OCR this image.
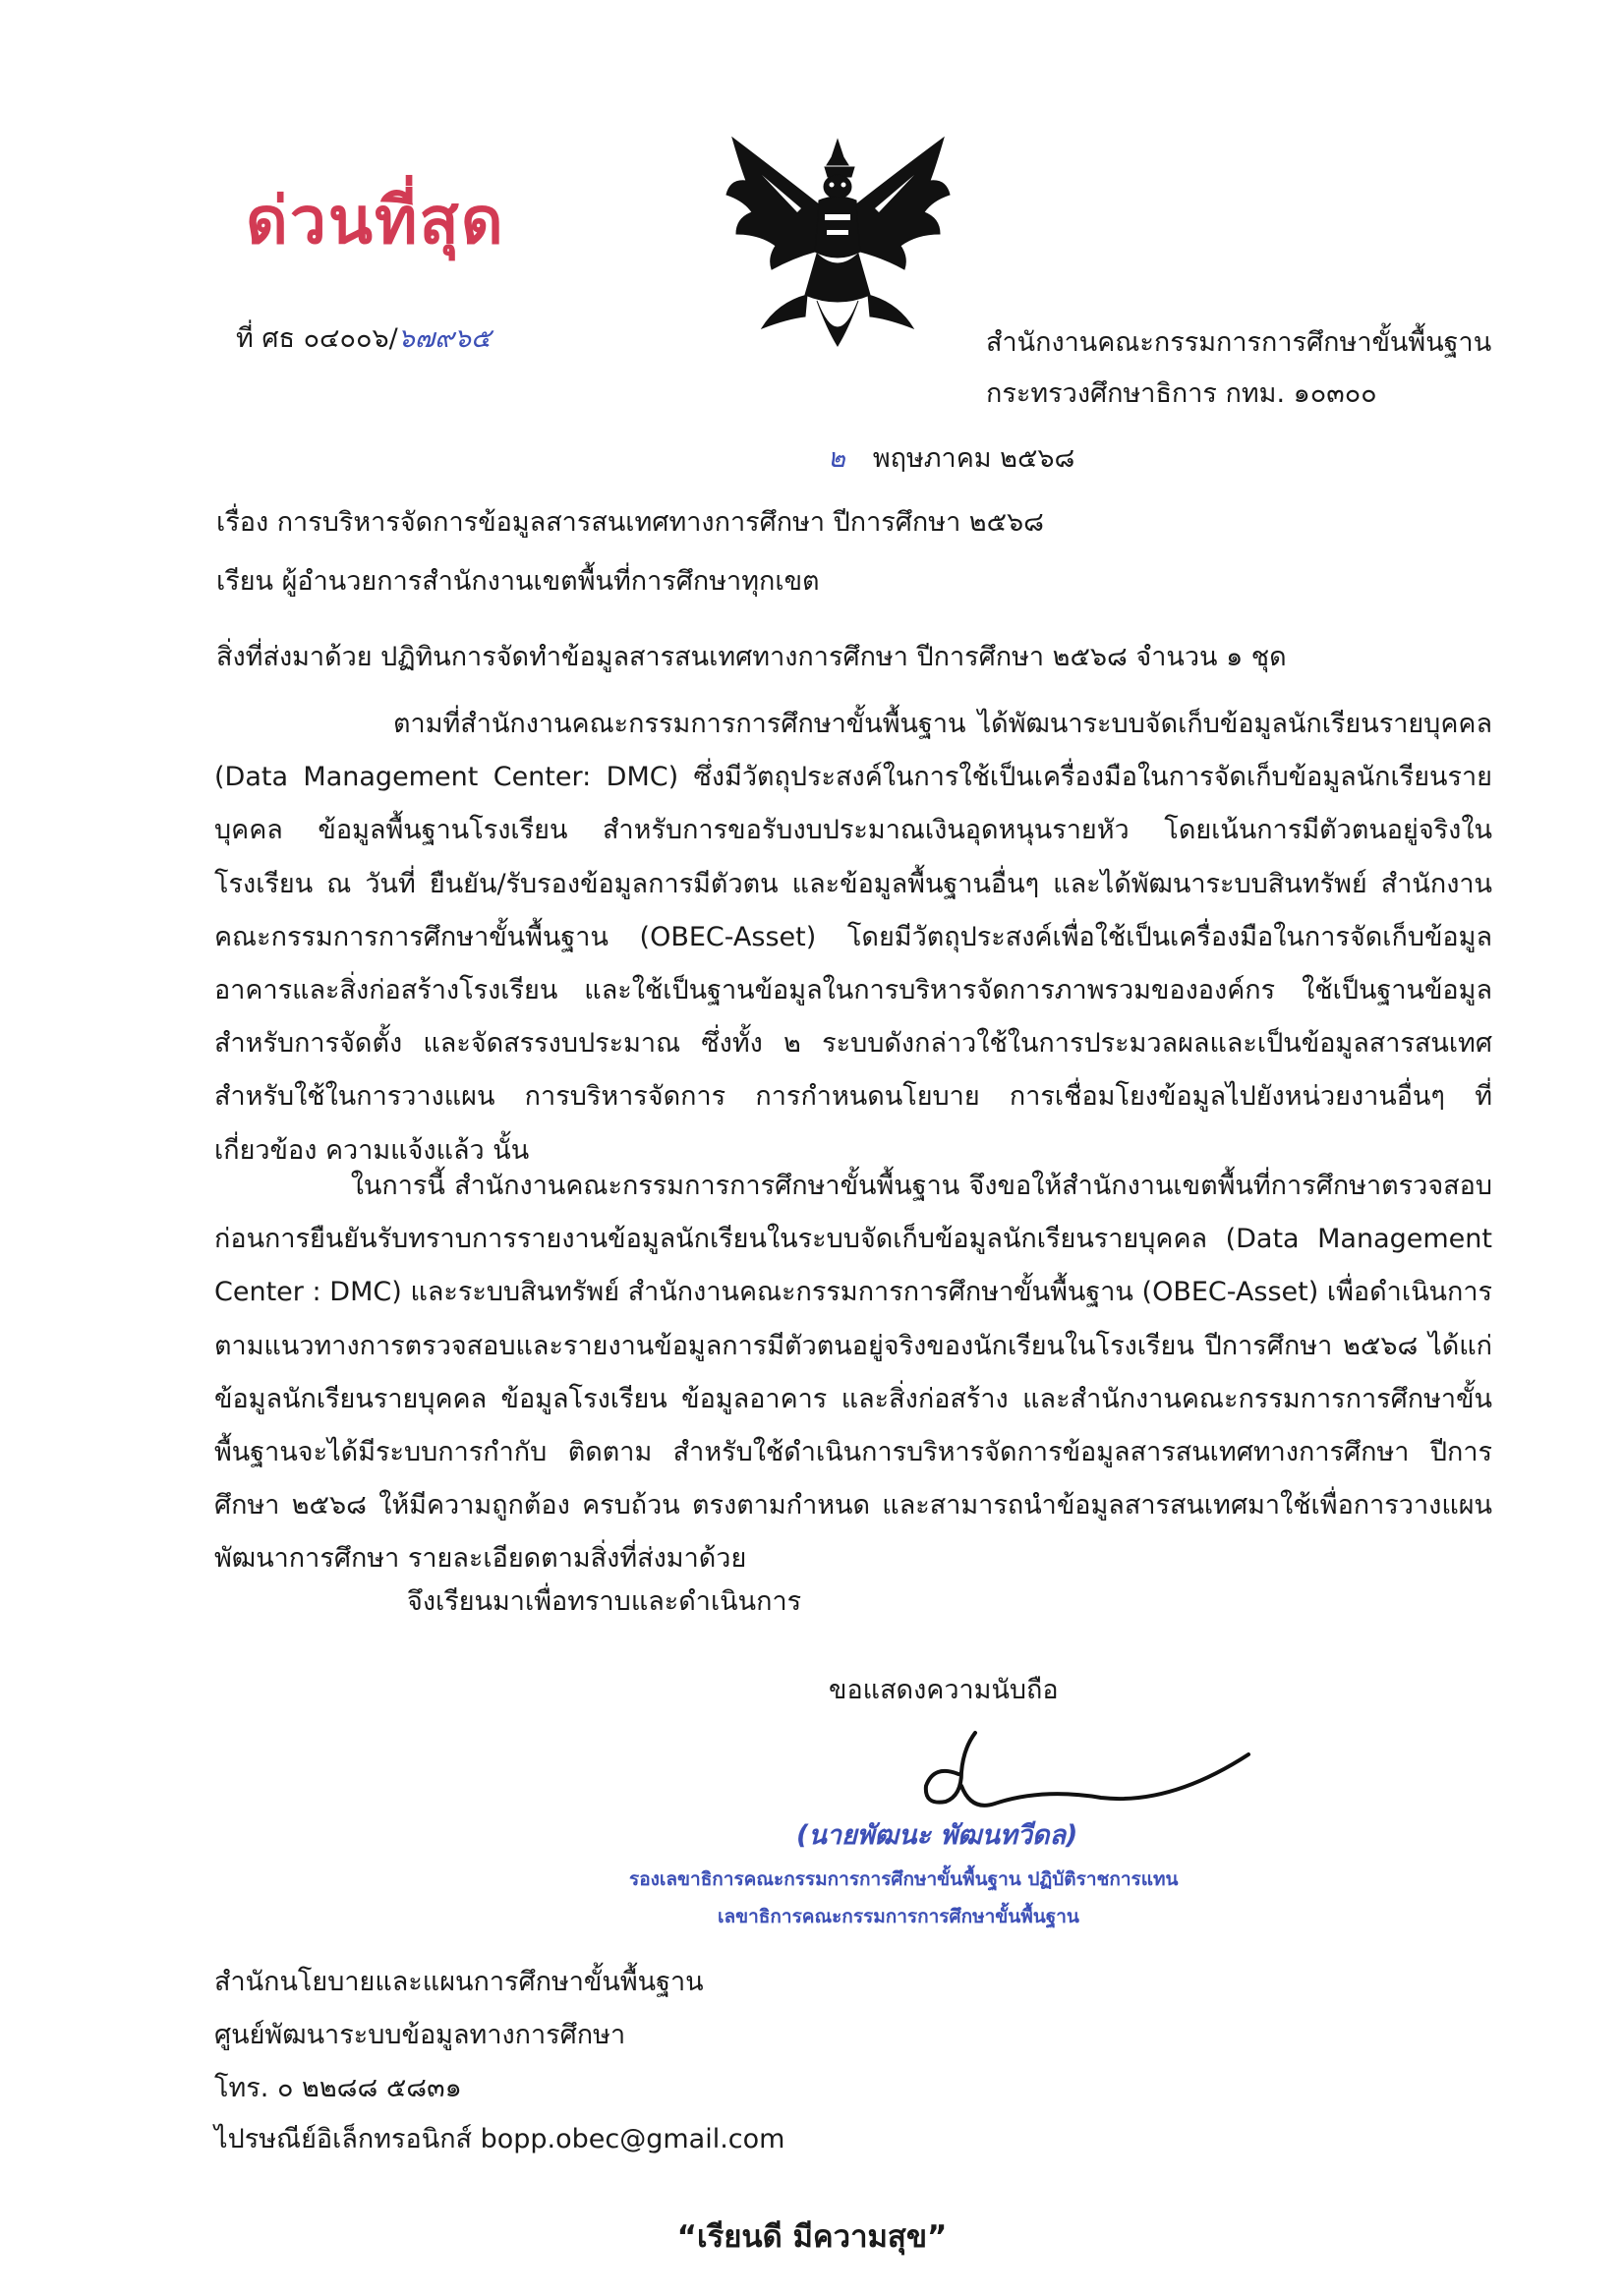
ด่วนที่สุด
ที่ ศธ ๐๔๐๐๖/๖๗๙๖๕	สำนักงานคณะกรรมการการศึกษาขั้นพื้นฐาน
กระทรวงศึกษาธิการ กทม. ๑๐๓๐๐
๒ พฤษภาคม ๒๕๖๘
เรื่อง การบริหารจัดการข้อมูลสารสนเทศทางการศึกษา ปีการศึกษา ๒๕๖๘
เรียน ผู้อำนวยการสำนักงานเขตพื้นที่การศึกษาทุกเขต
สิ่งที่ส่งมาด้วย ปฏิทินการจัดทำข้อมูลสารสนเทศทางการศึกษา ปีการศึกษา ๒๕๖๘ จำนวน ๑ ชุด

ตามที่สำนักงานคณะกรรมการการศึกษาขั้นพื้นฐาน ได้พัฒนาระบบจัดเก็บข้อมูลนักเรียนรายบุคคล (Data Management Center: DMC) ซึ่งมีวัตถุประสงค์ในการใช้เป็นเครื่องมือในการจัดเก็บข้อมูลนักเรียนรายบุคคล ข้อมูลพื้นฐานโรงเรียน สำหรับการขอรับงบประมาณเงินอุดหนุนรายหัว โดยเน้นการมีตัวตนอยู่จริงในโรงเรียน ณ วันที่ ยืนยัน/รับรองข้อมูลการมีตัวตน และข้อมูลพื้นฐานอื่นๆ และได้พัฒนาระบบสินทรัพย์ สำนักงานคณะกรรมการการศึกษาขั้นพื้นฐาน (OBEC-Asset) โดยมีวัตถุประสงค์เพื่อใช้เป็นเครื่องมือในการจัดเก็บข้อมูลอาคารและสิ่งก่อสร้างโรงเรียน และใช้เป็นฐานข้อมูลในการบริหารจัดการภาพรวมขององค์กร ใช้เป็นฐานข้อมูลสำหรับการจัดตั้ง และจัดสรรงบประมาณ ซึ่งทั้ง ๒ ระบบดังกล่าวใช้ในการประมวลผลและเป็นข้อมูลสารสนเทศ สำหรับใช้ในการวางแผน การบริหารจัดการ การกำหนดนโยบาย การเชื่อมโยงข้อมูลไปยังหน่วยงานอื่นๆ ที่เกี่ยวข้อง ความแจ้งแล้ว นั้น

ในการนี้ สำนักงานคณะกรรมการการศึกษาขั้นพื้นฐาน จึงขอให้สำนักงานเขตพื้นที่การศึกษาตรวจสอบก่อนการยืนยันรับทราบการรายงานข้อมูลนักเรียนในระบบจัดเก็บข้อมูลนักเรียนรายบุคคล (Data Management Center : DMC) และระบบสินทรัพย์ สำนักงานคณะกรรมการการศึกษาขั้นพื้นฐาน (OBEC-Asset) เพื่อดำเนินการตามแนวทางการตรวจสอบและรายงานข้อมูลการมีตัวตนอยู่จริงของนักเรียนในโรงเรียน ปีการศึกษา ๒๕๖๘ ได้แก่ ข้อมูลนักเรียนรายบุคคล ข้อมูลโรงเรียน ข้อมูลอาคาร และสิ่งก่อสร้าง และสำนักงานคณะกรรมการการศึกษาขั้นพื้นฐานจะได้มีระบบการกำกับ ติดตาม สำหรับใช้ดำเนินการบริหารจัดการข้อมูลสารสนเทศทางการศึกษา ปีการศึกษา ๒๕๖๘ ให้มีความถูกต้อง ครบถ้วน ตรงตามกำหนด และสามารถนำข้อมูลสารสนเทศมาใช้เพื่อการวางแผนพัฒนาการศึกษา รายละเอียดตามสิ่งที่ส่งมาด้วย

จึงเรียนมาเพื่อทราบและดำเนินการ
ขอแสดงความนับถือ
(นายพัฒนะ พัฒนทวีดล)
รองเลขาธิการคณะกรรมการการศึกษาขั้นพื้นฐาน ปฏิบัติราชการแทน
เลขาธิการคณะกรรมการการศึกษาขั้นพื้นฐาน
สำนักนโยบายและแผนการศึกษาขั้นพื้นฐาน
ศูนย์พัฒนาระบบข้อมูลทางการศึกษา
โทร. ๐ ๒๒๘๘ ๕๘๓๑
ไปรษณีย์อิเล็กทรอนิกส์ bopp.obec@gmail.com
“เรียนดี มีความสุข”
